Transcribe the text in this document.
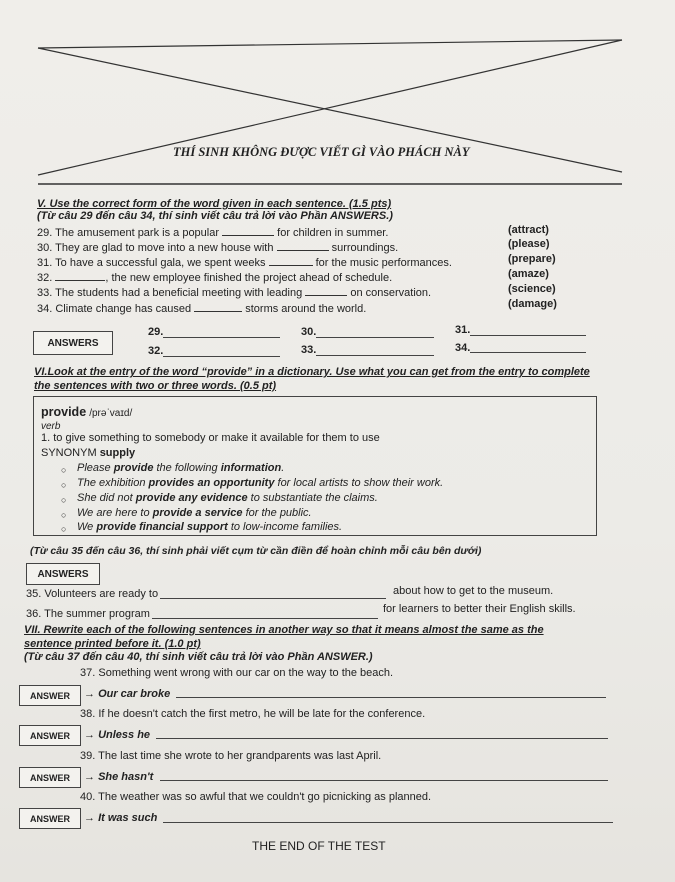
THÍ SINH KHÔNG ĐƯỢC VIẾT GÌ VÀO PHÁCH NÀY
V. Use the correct form of the word given in each sentence. (1.5 pts)
(Từ câu 29 đến câu 34, thí sinh viết câu trả lời vào Phần ANSWERS.)
29. The amusement park is a popular	for children in summer.	(attract)
30. They are glad to move into a new house with	surroundings.	(please)
31. To have a successful gala, we spent weeks	for the music performances.	(prepare)
32.	, the new employee finished the project ahead of schedule.	(amaze)
33. The students had a beneficial meeting with leading	on conservation.	(science)
34. Climate change has caused	storms around the world.	(damage)
ANSWERS
29.	30.	31.
32.	33.	34.
VI.Look at the entry of the word “provide” in a dictionary. Use what you can get from the entry to complete
the sentences with two or three words. (0.5 pt)
provide /prəˈvaɪd/
verb
1. to give something to somebody or make it available for them to use
SYNONYM supply
○ Please provide the following information.
○ The exhibition provides an opportunity for local artists to show their work.
○ She did not provide any evidence to substantiate the claims.
○ We are here to provide a service for the public.
○ We provide financial support to low-income families.
(Từ câu 35 đến câu 36, thí sinh phải viết cụm từ cần điền để hoàn chỉnh mỗi câu bên dưới)
ANSWERS
35. Volunteers are ready to	about how to get to the museum.
36. The summer program	for learners to better their English skills.
VII. Rewrite each of the following sentences in another way so that it means almost the same as the
sentence printed before it. (1.0 pt)
(Từ câu 37 đến câu 40, thí sinh viết câu trả lời vào Phần ANSWER.)
37. Something went wrong with our car on the way to the beach.
ANSWER	→ Our car broke
38. If he doesn't catch the first metro, he will be late for the conference.
ANSWER	→ Unless he
39. The last time she wrote to her grandparents was last April.
ANSWER	→ She hasn't
40. The weather was so awful that we couldn't go picnicking as planned.
ANSWER	→ It was such
THE END OF THE TEST
